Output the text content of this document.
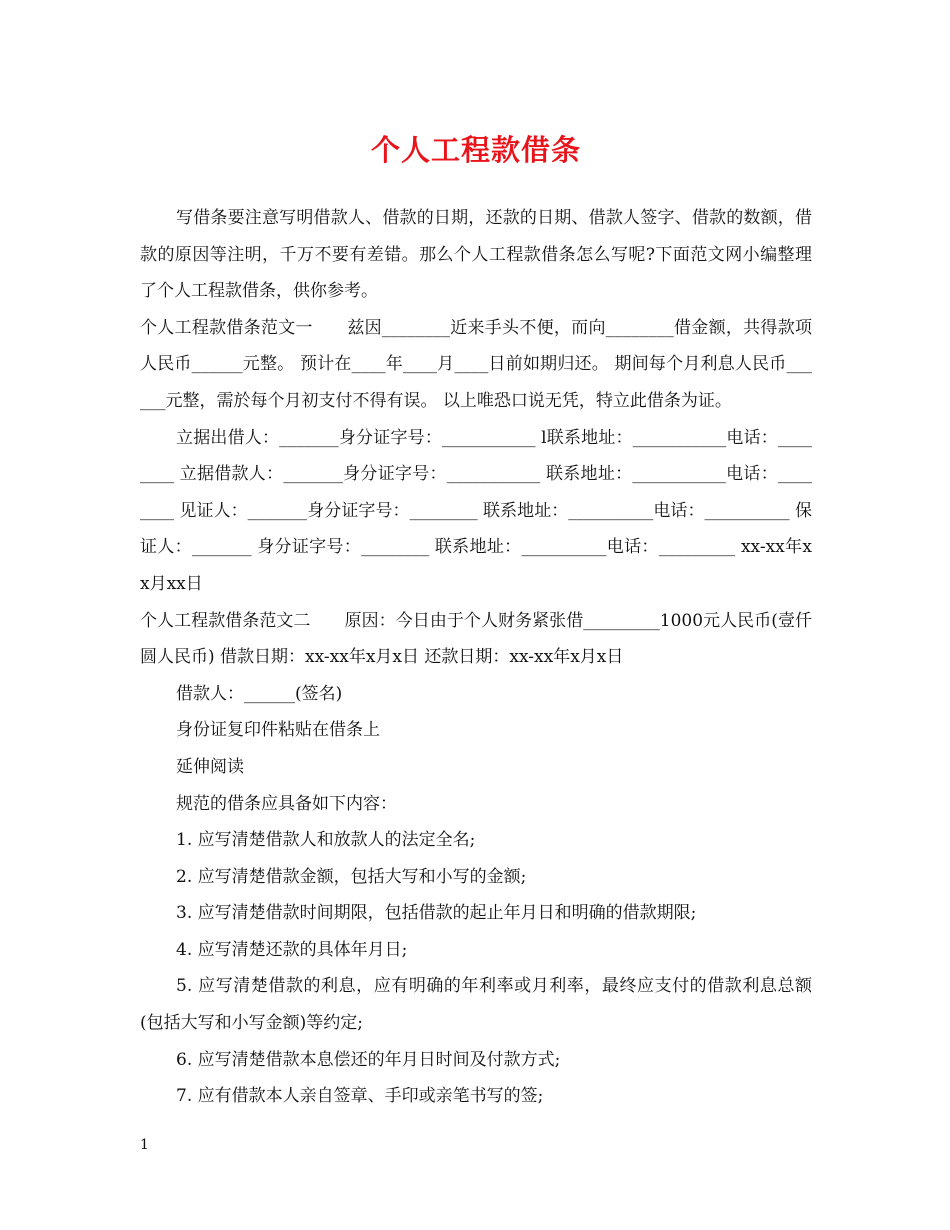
个人工程款借条

写借条要注意写明借款人、借款的日期，还款的日期、借款人签字、借款的数额，借款的原因等注明，千万不要有差错。那么个人工程款借条怎么写呢?下面范文网小编整理了个人工程款借条，供你参考。

个人工程款借条范文一　　兹因________近来手头不便，而向________借金额，共得款项人民币______元整。 预计在____年____月____日前如期归还。 期间每个月利息人民币______元整，需於每个月初支付不得有误。 以上唯恐口说无凭，特立此借条为证。

立据出借人：_______身分证字号：___________ l联系地址：___________电话：________ 立据借款人：_______身分证字号：___________ 联系地址：___________电话：________ 见证人：_______身分证字号：________ 联系地址：__________电话：__________ 保证人：_______ 身分证字号：________ 联系地址：__________电话：_________ xx-xx年xx月xx日

个人工程款借条范文二　　原因：今日由于个人财务紧张借_________1000元人民币(壹仟圆人民币) 借款日期：xx-xx年x月x日 还款日期：xx-xx年x月x日

借款人：______(签名)

身份证复印件粘贴在借条上

延伸阅读

规范的借条应具备如下内容：

1. 应写清楚借款人和放款人的法定全名;

2. 应写清楚借款金额，包括大写和小写的金额;

3. 应写清楚借款时间期限，包括借款的起止年月日和明确的借款期限;

4. 应写清楚还款的具体年月日;

5. 应写清楚借款的利息，应有明确的年利率或月利率，最终应支付的借款利息总额(包括大写和小写金额)等约定;

6. 应写清楚借款本息偿还的年月日时间及付款方式;

7. 应有借款本人亲自签章、手印或亲笔书写的签;

1
